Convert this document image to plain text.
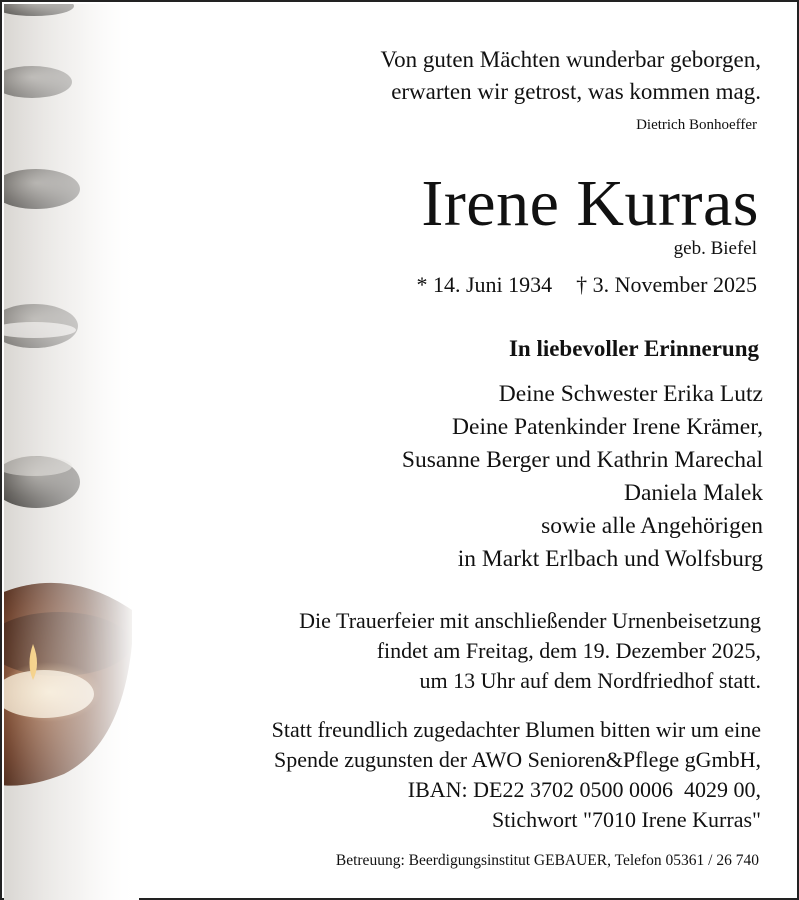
Von guten Mächten wunderbar geborgen,
erwarten wir getrost, was kommen mag.
Dietrich Bonhoeffer
Irene Kurras
geb. Biefel
* 14. Juni 1934 † 3. November 2025
In liebevoller Erinnerung
Deine Schwester Erika Lutz
Deine Patenkinder Irene Krämer,
Susanne Berger und Kathrin Marechal
Daniela Malek
sowie alle Angehörigen
in Markt Erlbach und Wolfsburg
Die Trauerfeier mit anschließender Urnenbeisetzung
findet am Freitag, dem 19. Dezember 2025,
um 13 Uhr auf dem Nordfriedhof statt.
Statt freundlich zugedachter Blumen bitten wir um eine
Spende zugunsten der AWO Senioren&Pflege gGmbH,
IBAN: DE22 3702 0500 0006  4029 00,
Stichwort "7010 Irene Kurras"
Betreuung: Beerdigungsinstitut GEBAUER, Telefon 05361 / 26 740
